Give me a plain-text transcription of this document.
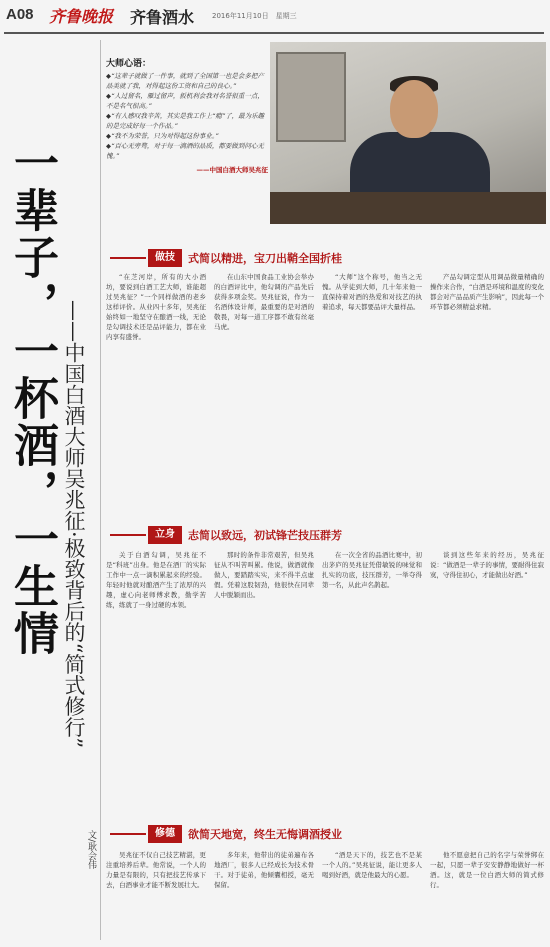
A08 齐鲁晚报 齐鲁酒水	2016年11月10日　星期三
一辈子，一杯酒，一生情 ——中国白酒大师吴兆征·极致背后的“简式修行”
文/耿会伟
大师心语：
◆“这辈子就做了一件事，就到了全国第一也是会多把产品美就了我，对得起这份工资和自己的良心。”
◆“人过留名，雁过留声，扳机利会我对名誉很重一点，不是名气很高。”
◆“有人感叹我辛苦，其实是我工作上“瘾”了，最为乐趣的是完成好每一个作品。”
◆“我不为荣誉，只为对得起这份事业。”
◆“百心无旁骛，对于每一滴酒的品质，都要做到问心无愧。”
——中国白酒大师吴兆征
做技	式简以精进，宝刀出鞘全国折桂

“在芝河岸，所有的大小酒坊，要说到白酒工艺大师，谁能超过吴兆征？”一个同样做酒的老乡这样评价。从业四十多年，吴兆征始终如一地坚守在酿酒一线，无论是勾调技术还是品评能力，都在业内享有盛誉。

在山东中国食品工业协会举办的白酒评比中，他勾调的产品先后获得多项金奖。吴兆征说，作为一名酒体设计师，最重要的是对酒的敬畏，对每一道工序都不敢有丝毫马虎。

“大师”这个称号，他当之无愧。从学徒到大师，几十年来他一直保持着对酒的热爱和对技艺的执着追求，每天都要品评大量样品。

产品勾调定型从用调品微量精确的操作来合作，“白酒是环境和温度的变化都会对产品品质产生影响”，因此每一个环节都必须精益求精。

立身	志简以致远，初试锋芒技压群芳

关于白酒勾调，吴兆征不是“科班”出身。他是在酒厂的实际工作中一点一滴积累起来的经验。年轻时他就对酿酒产生了浓厚的兴趣，虚心向老师傅求教，勤学苦练，练就了一身过硬的本领。

那时的条件非常艰苦，但吴兆征从不叫苦叫累。他说，做酒就像做人，要踏踏实实，来不得半点虚假。凭着这股韧劲，他很快在同辈人中脱颖而出。

在一次全省的品酒比赛中，初出茅庐的吴兆征凭借敏锐的味觉和扎实的功底，技压群芳，一举夺得第一名，从此声名鹊起。

谈到这些年来的经历，吴兆征说：“做酒是一辈子的事情，要耐得住寂寞，守得住初心，才能做出好酒。”

修德	欲简天地宽，终生无悔调酒授业

吴兆征不仅自己技艺精湛，更注重培养后辈。他常说，一个人的力量是有限的，只有把技艺传承下去，白酒事业才能不断发展壮大。

多年来，他带出的徒弟遍布各地酒厂，很多人已经成长为技术骨干。对于徒弟，他倾囊相授，毫无保留。

“酒是天下的，技艺也不是某一个人的。”吴兆征说，能让更多人喝到好酒，就是他最大的心愿。

他不愿意把自己的名字与荣誉绑在一起，只愿一辈子安安静静地做好一杯酒。这，就是一位白酒大师的简式修行。
